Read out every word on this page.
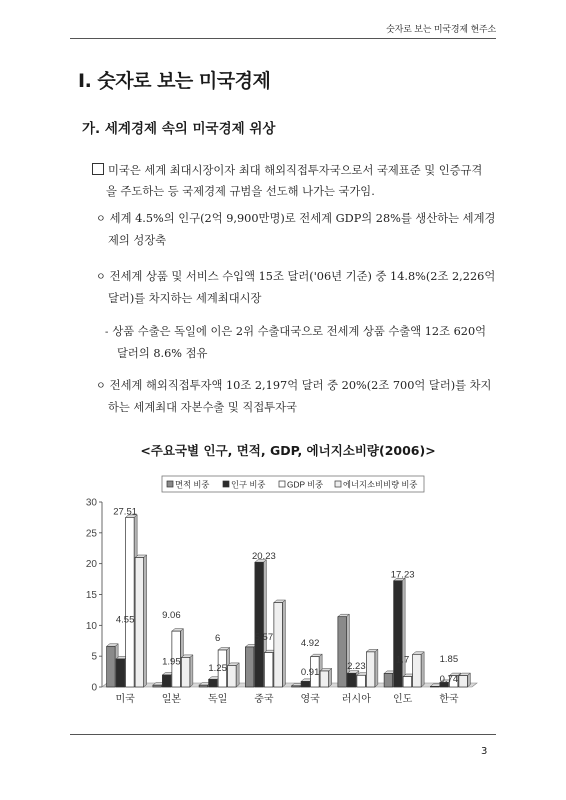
숫자로 보는 미국경제 현주소
Ⅰ. 숫자로 보는 미국경제
가. 세계경제 속의 미국경제 위상
미국은 세계 최대시장이자 최대 해외직접투자국으로서 국제표준 및 인증규격
을 주도하는 등 국제경제 규범을 선도해 나가는 국가임.
ㅇ 세계 4.5%의 인구(2억 9,900만명)로 전세계 GDP의 28%를 생산하는 세계경
제의 성장축
ㅇ 전세계 상품 및 서비스 수입액 15조 달러('06년 기준) 중 14.8%(2조 2,226억
달러)를 차지하는 세계최대시장
- 상품 수출은 독일에 이은 2위 수출대국으로 전세계 상품 수출액 12조 620억
달러의 8.6% 점유
ㅇ 전세계 해외직접투자액 10조 2,197억 달러 중 20%(2조 700억 달러)를 차지
하는 세계최대 자본수출 및 직접투자국
<주요국별 인구, 면적, GDP, 에너지소비량(2006)>
면적 비중	인구 비중	GDP 비중 에너지소비비량 비중
0
5
10
15
20
25
30
미국	일본	독일	중국	영국 러시아 인도	한국
27.51
4.55	9.06
1.95
6
1.25
20.23
5.57
4.92
0.91
2.23
17.23
1.7
0.74
1.85
3
